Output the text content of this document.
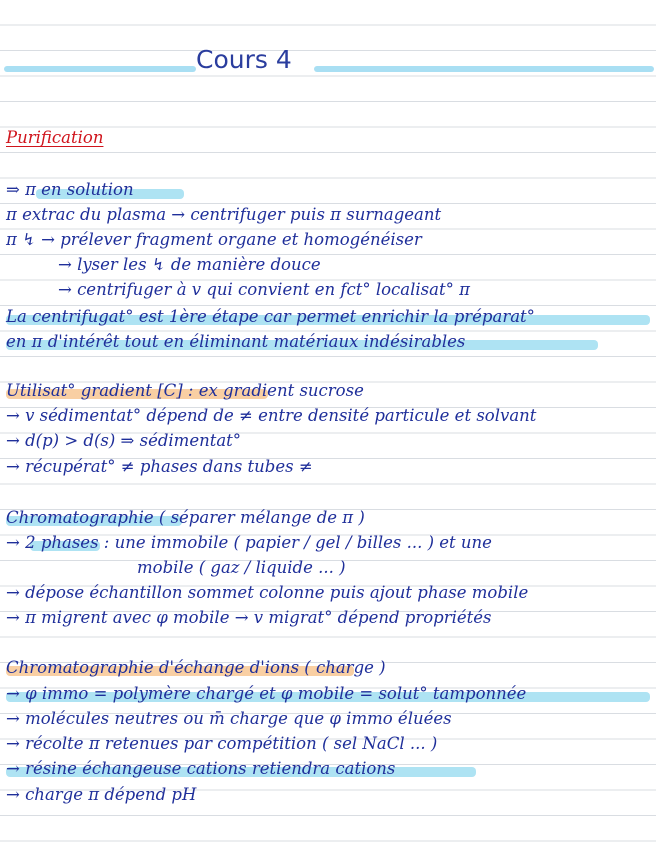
Cours 4
Purification
⇒ π en solution
π extrac du plasma → centrifuger puis π surnageant
π ↯ → prélever fragment organe et homogénéiser
→ lyser les ↯ de manière douce
→ centrifuger à v qui convient en fct° localisat° π
La centrifugat° est 1ère étape car permet enrichir la préparat°
en π d'intérêt tout en éliminant matériaux indésirables
Utilisat° gradient [C] : ex gradient sucrose
→ v sédimentat° dépend de ≠ entre densité particule et solvant
→ d(p) > d(s) ⇒ sédimentat°
→ récupérat° ≠ phases dans tubes ≠
Chromatographie ( séparer mélange de π )
→ 2 phases : une immobile ( papier / gel / billes ... ) et une
mobile ( gaz / liquide ... )
→ dépose échantillon sommet colonne puis ajout phase mobile
→ π migrent avec φ mobile → v migrat° dépend propriétés
Chromatographie d'échange d'ions ( charge )
→ φ immo = polymère chargé et φ mobile = solut° tamponnée
→ molécules neutres ou m̄ charge que φ immo éluées
→ récolte π retenues par compétition ( sel NaCl ... )
→ résine échangeuse cations retiendra cations
→ charge π dépend pH
